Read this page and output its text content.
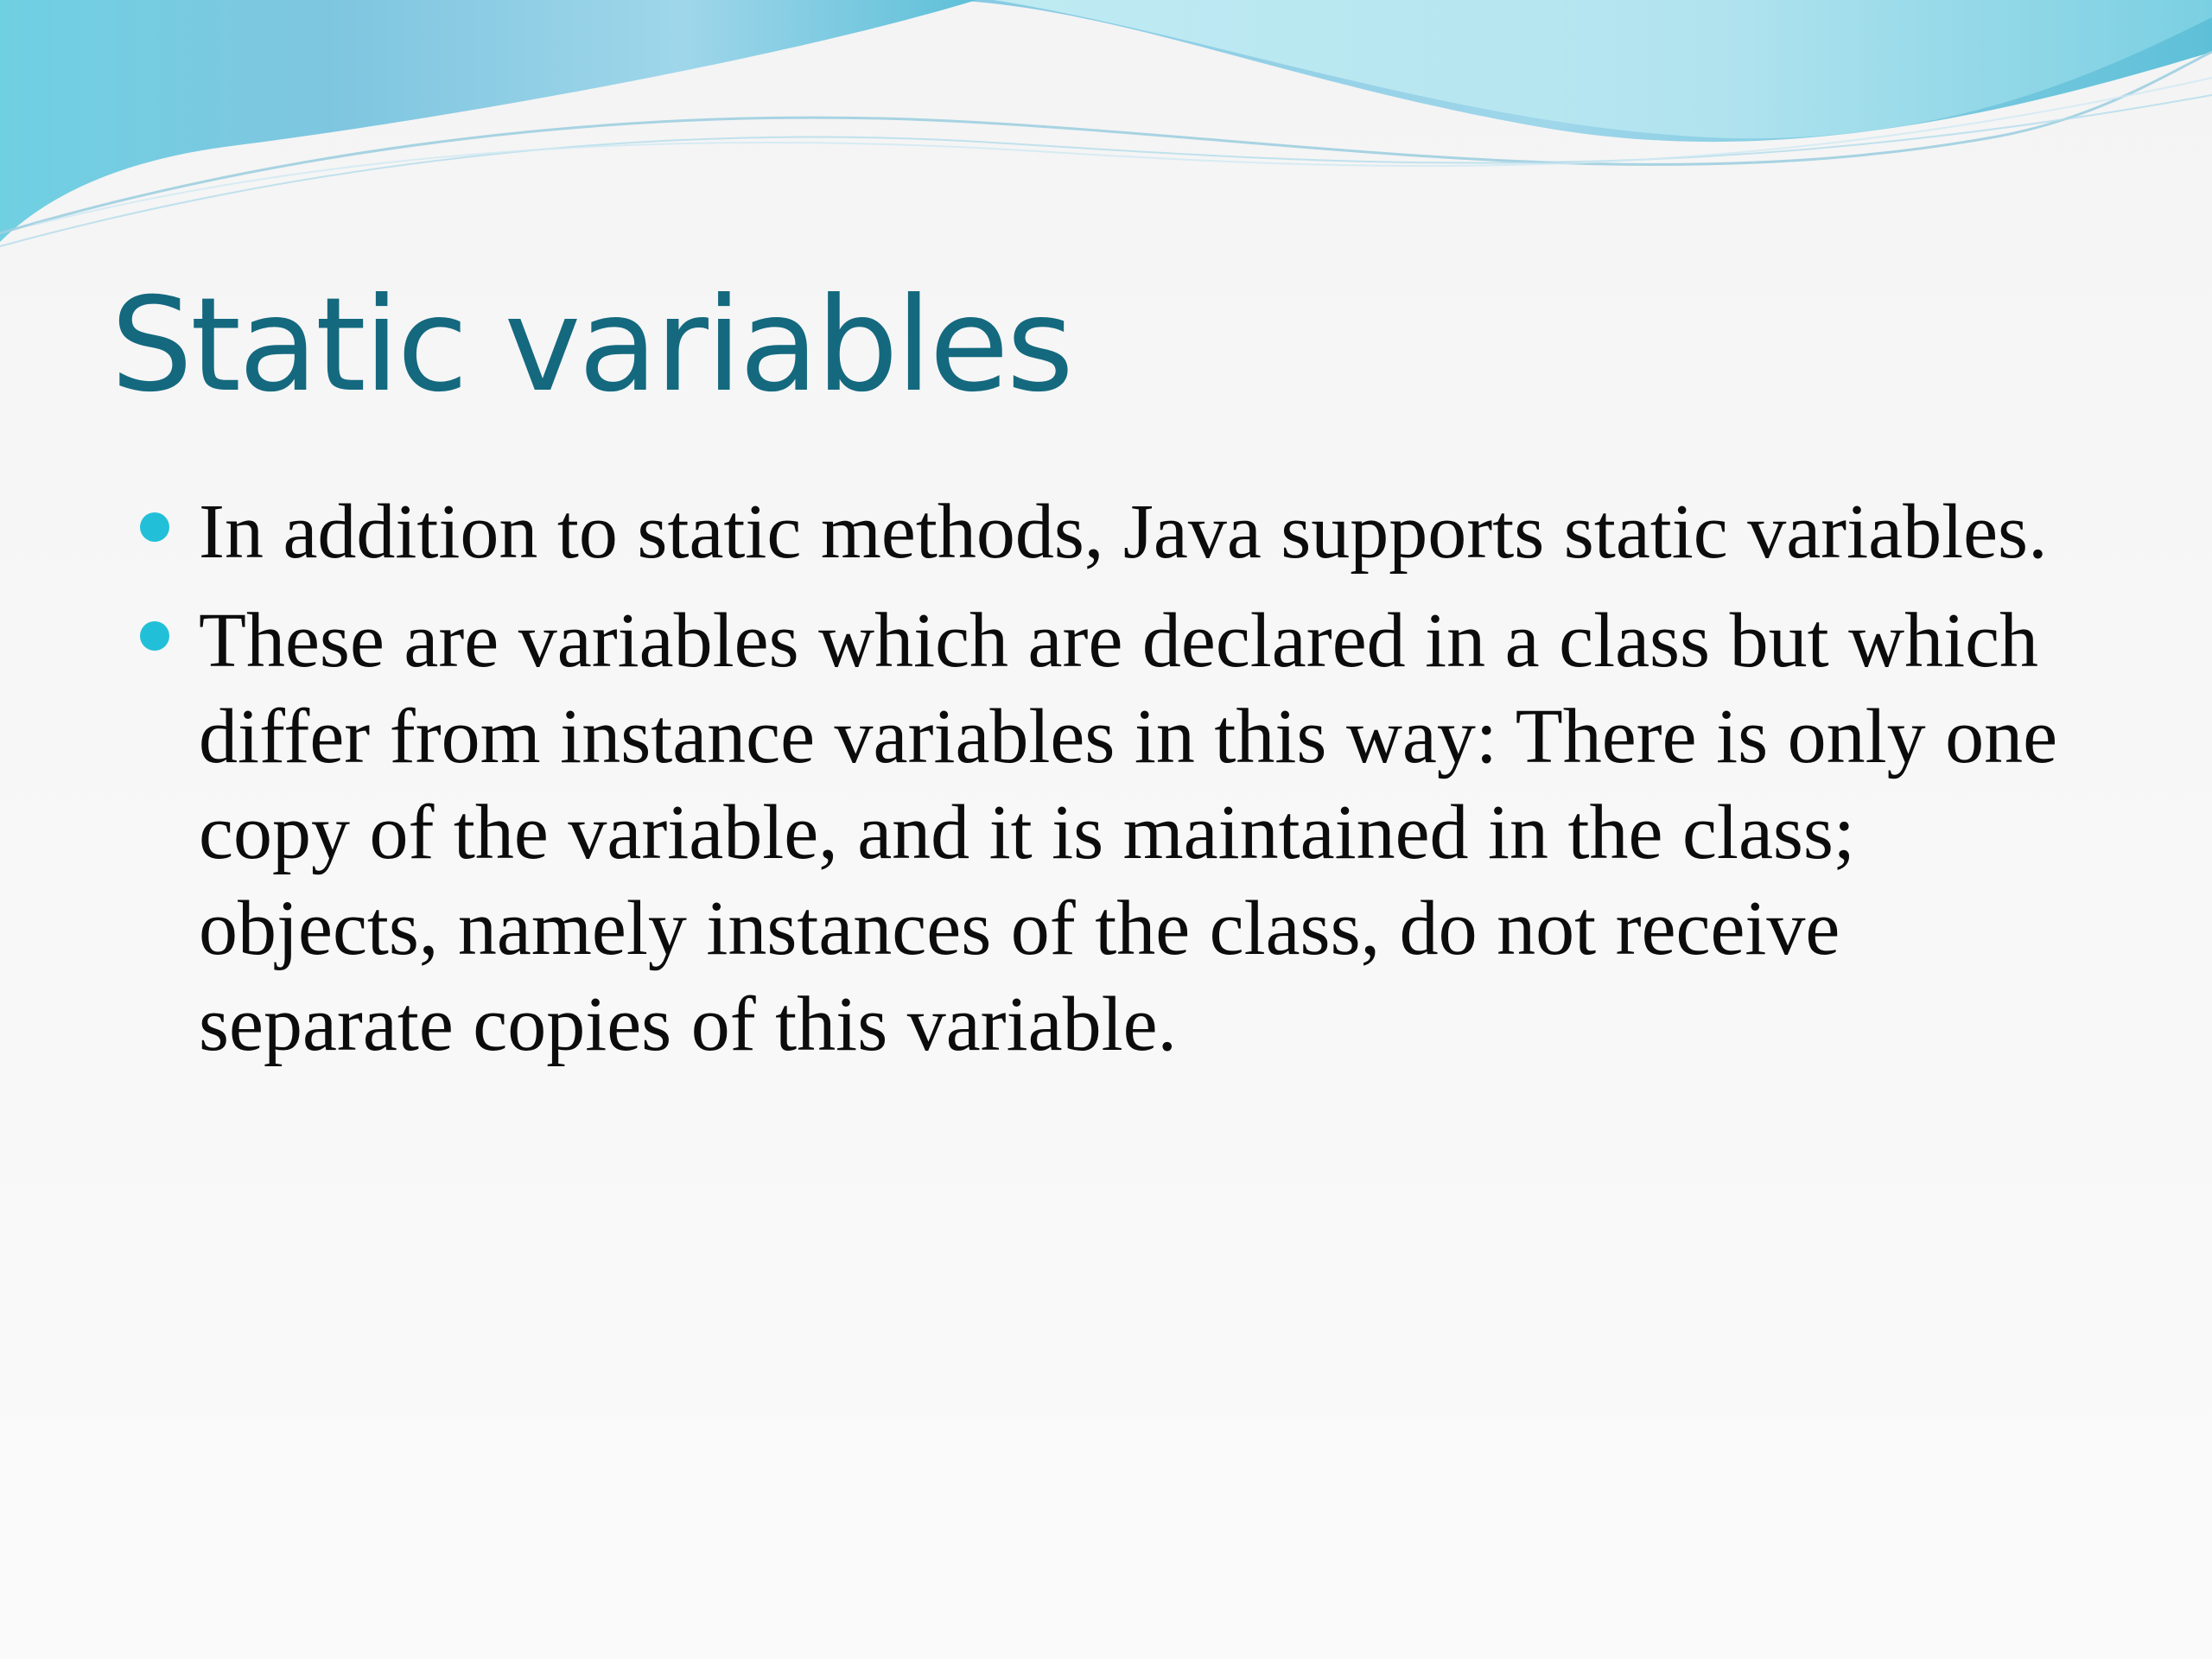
Static variables
In addition to static methods, Java supports static variables.
These are variables which are declared in a class but which differ from instance variables in this way: There is only one copy of the variable, and it is maintained in the class; objects, namely instances of the class, do not receive separate copies of this variable.
